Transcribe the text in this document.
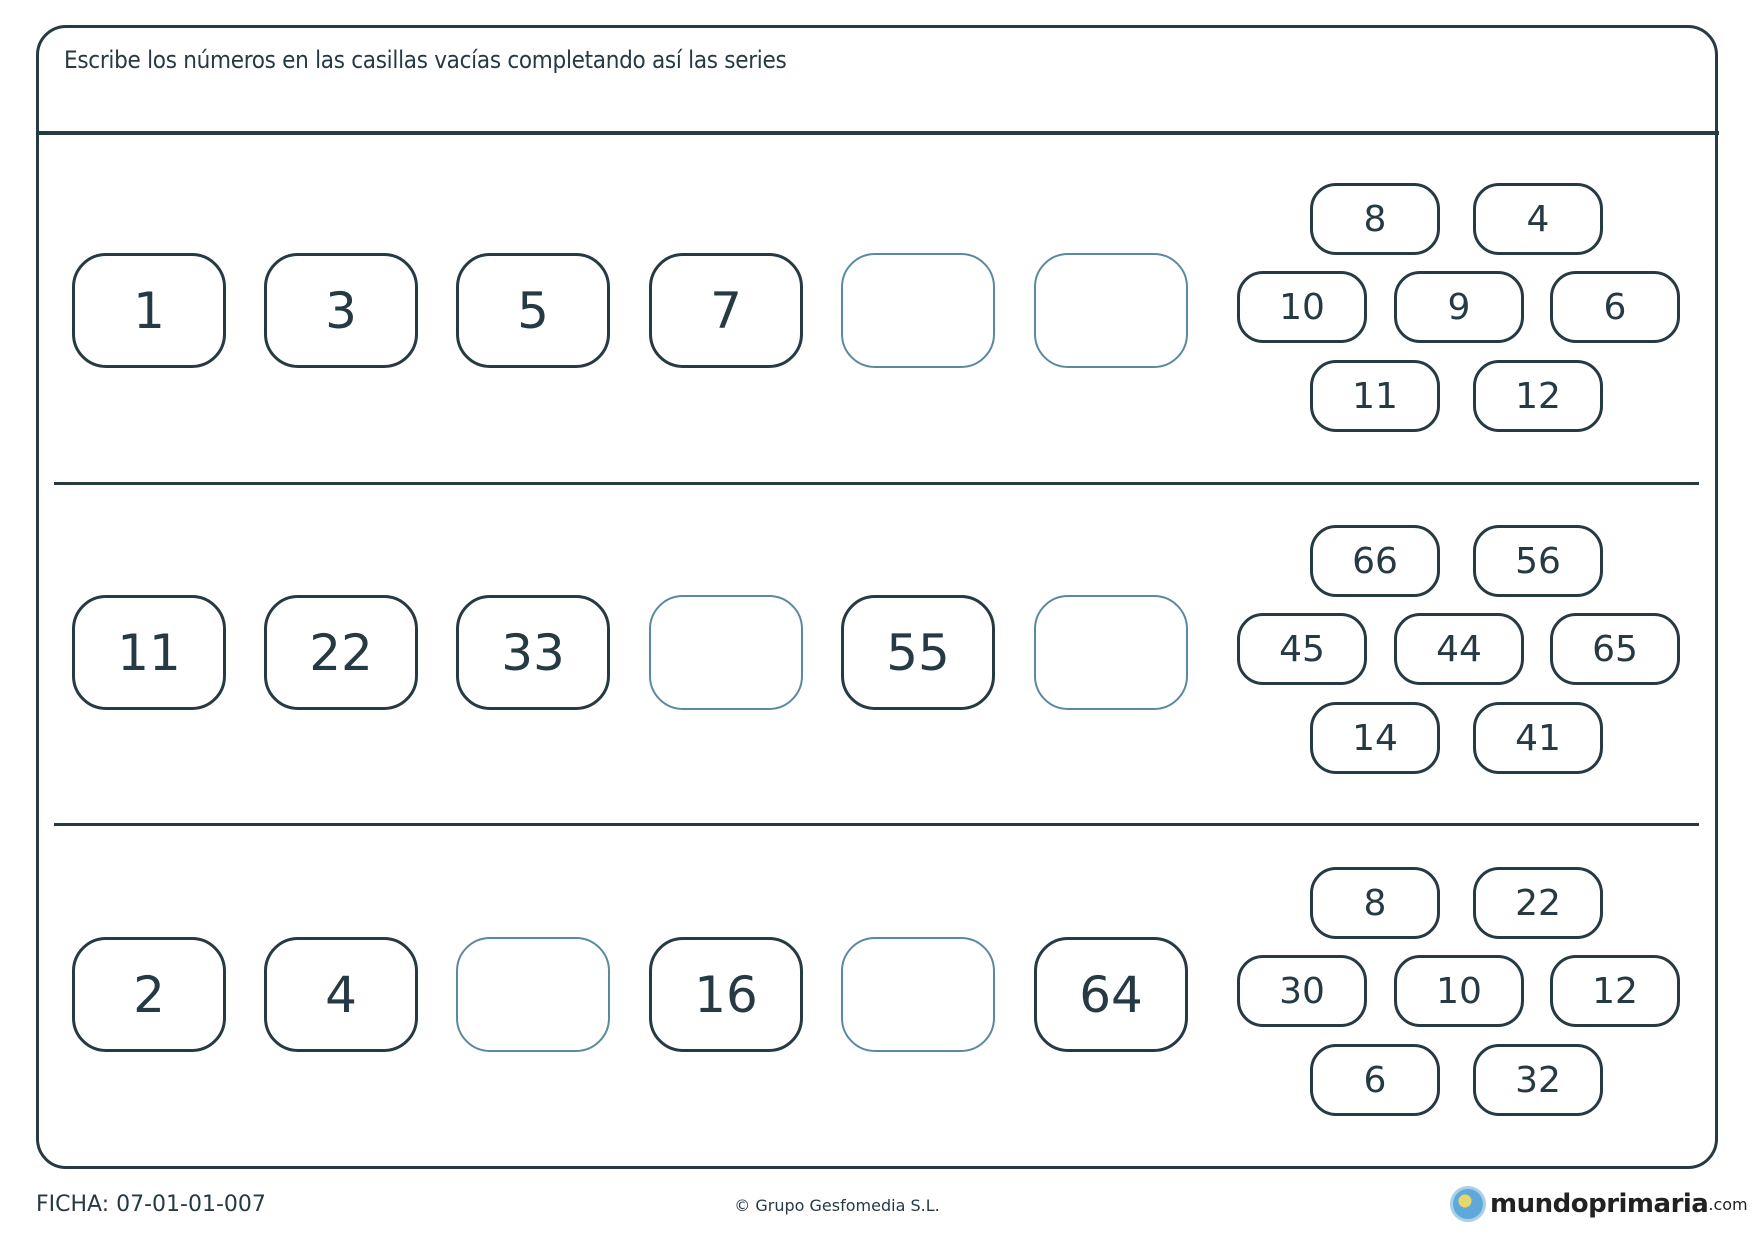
Escribe los números en las casillas vacías completando así las series
1	3	5	7
8	4
10	9	6
11	12
11	22	33	55
66	56
45	44	65
14	41
2	4	16	64
8	22
30	10	12
6	32
FICHA: 07-01-01-007	© Grupo Gesfomedia S.L.	mundoprimaria .com
